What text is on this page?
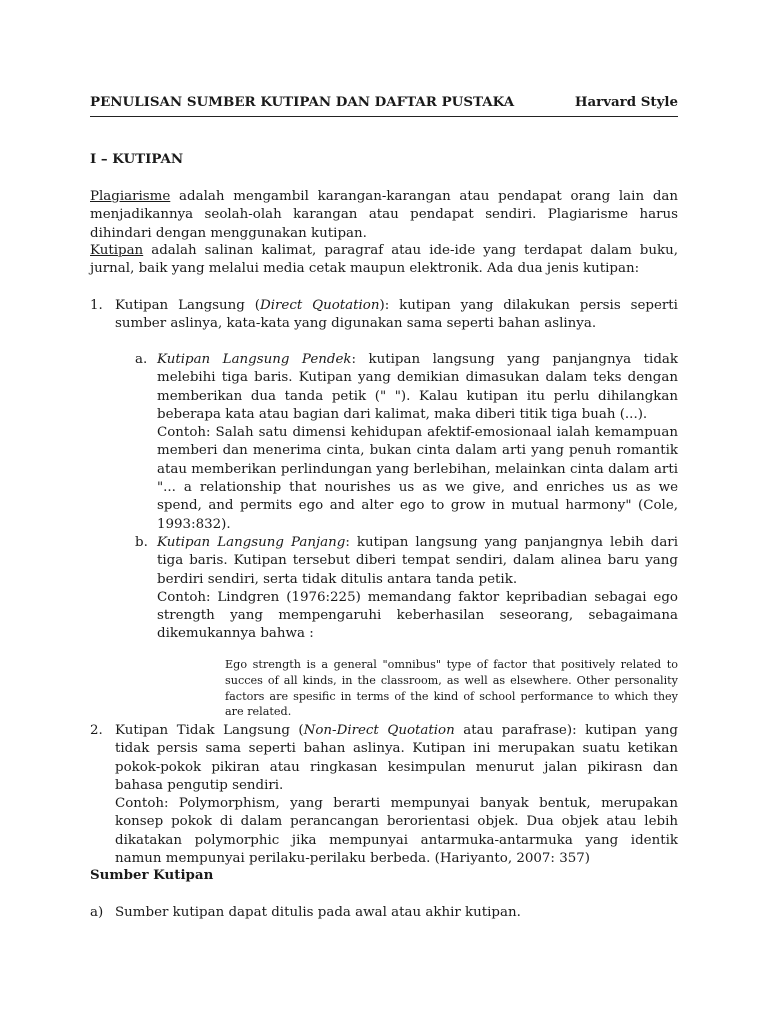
PENULISAN SUMBER KUTIPAN DAN DAFTAR PUSTAKA	Harvard Style
I – KUTIPAN
Plagiarisme adalah mengambil karangan-karangan atau pendapat orang lain dan menjadikannya seolah-olah karangan atau pendapat sendiri. Plagiarisme harus dihindari dengan menggunakan kutipan.
Kutipan adalah salinan kalimat, paragraf atau ide-ide yang terdapat dalam buku, jurnal, baik yang melalui media cetak maupun elektronik. Ada dua jenis kutipan:
1. Kutipan Langsung (Direct Quotation): kutipan yang dilakukan persis seperti sumber aslinya, kata-kata yang digunakan sama seperti bahan aslinya.
a. Kutipan Langsung Pendek: kutipan langsung yang panjangnya tidak melebihi tiga baris. Kutipan yang demikian dimasukan dalam teks dengan memberikan dua tanda petik (" "). Kalau kutipan itu perlu dihilangkan beberapa kata atau bagian dari kalimat, maka diberi titik tiga buah (...).
Contoh: Salah satu dimensi kehidupan afektif-emosionaal ialah kemampuan memberi dan menerima cinta, bukan cinta dalam arti yang penuh romantik atau memberikan perlindungan yang berlebihan, melainkan cinta dalam arti "... a relationship that nourishes us as we give, and enriches us as we spend, and permits ego and alter ego to grow in mutual harmony" (Cole, 1993:832).
b. Kutipan Langsung Panjang: kutipan langsung yang panjangnya lebih dari tiga baris. Kutipan tersebut diberi tempat sendiri, dalam alinea baru yang berdiri sendiri, serta tidak ditulis antara tanda petik.
Contoh: Lindgren (1976:225) memandang faktor kepribadian sebagai ego strength yang mempengaruhi keberhasilan seseorang, sebagaimana dikemukannya bahwa :
Ego strength is a general "omnibus" type of factor that positively related to succes of all kinds, in the classroom, as well as elsewhere. Other personality factors are spesific in terms of the kind of school performance to which they are related.
2. Kutipan Tidak Langsung (Non-Direct Quotation atau parafrase): kutipan yang tidak persis sama seperti bahan aslinya. Kutipan ini merupakan suatu ketikan pokok-pokok pikiran atau ringkasan kesimpulan menurut jalan pikirasn dan bahasa pengutip sendiri.
Contoh: Polymorphism, yang berarti mempunyai banyak bentuk, merupakan konsep pokok di dalam perancangan berorientasi objek. Dua objek atau lebih dikatakan polymorphic jika mempunyai antarmuka-antarmuka yang identik namun mempunyai perilaku-perilaku berbeda. (Hariyanto, 2007: 357)
Sumber Kutipan
a) Sumber kutipan dapat ditulis pada awal atau akhir kutipan.
